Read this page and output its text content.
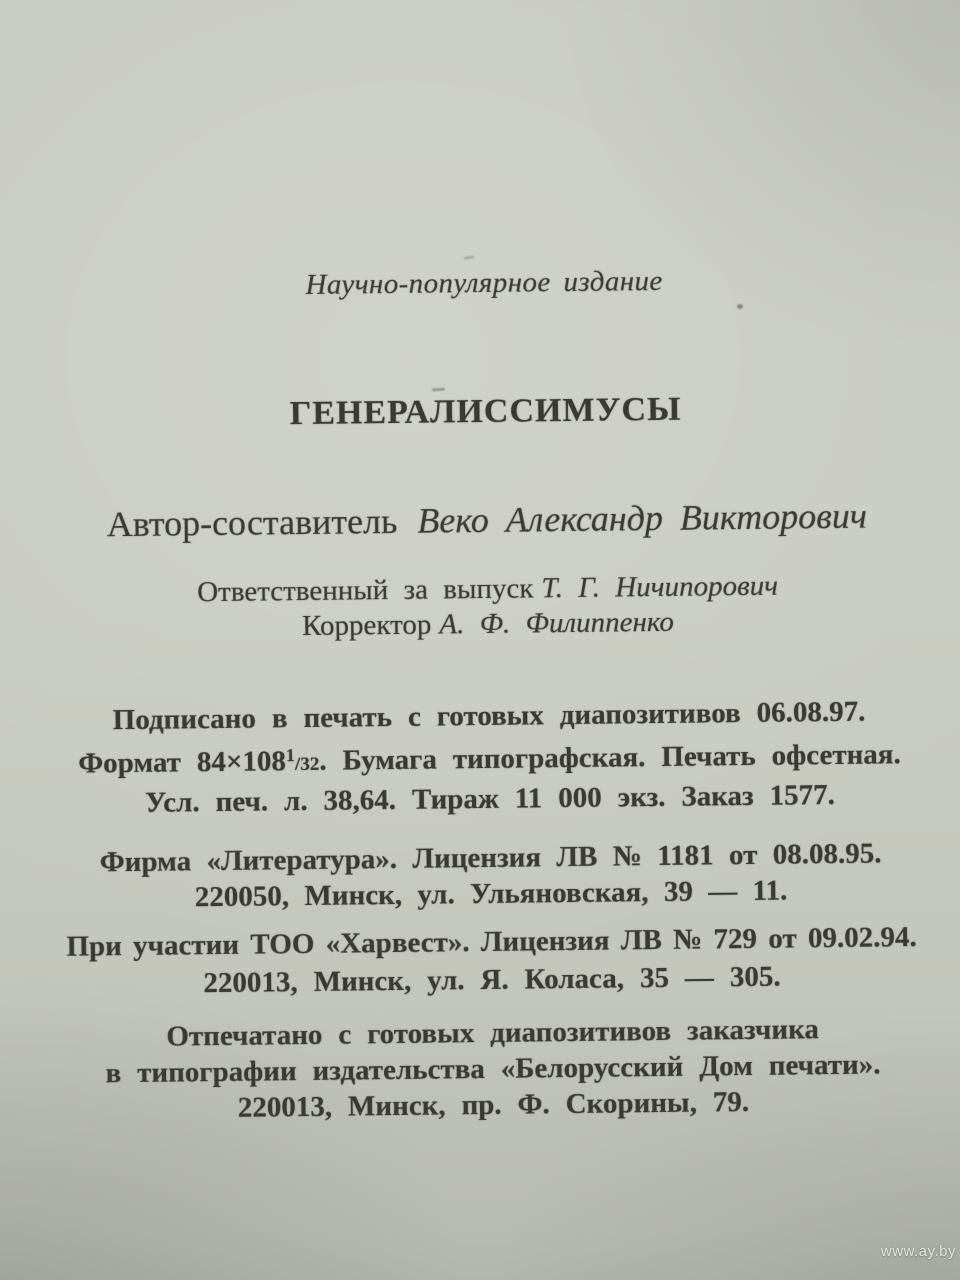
Научно-популярное издание
ГЕНЕРАЛИССИМУСЫ
Автор-составитель Веко Александр Викторович
Ответственный за выпуск Т. Г. Ничипорович
Корректор А. Ф. Филиппенко
Подписано в печать с готовых диапозитивов 06.08.97.
Формат $84\times 108^1/32$. Бумага типографская. Печать офсетная.
Усл. печ. л. 38,64. Тираж 11 000 экз. Заказ 1577.
Фирма «Литература». Лицензия ЛВ № 1181 от 08.08.95.
220050, Минск, ул. Ульяновская, 39 — 11.
При участии ТОО «Харвест». Лицензия ЛВ № 729 от 09.02.94.
220013, Минск, ул. Я. Коласа, 35 — 305.
Отпечатано с готовых диапозитивов заказчика
в типографии издательства «Белорусский Дом печати».
220013, Минск, пр. Ф. Скорины, 79.
www.ay.by
